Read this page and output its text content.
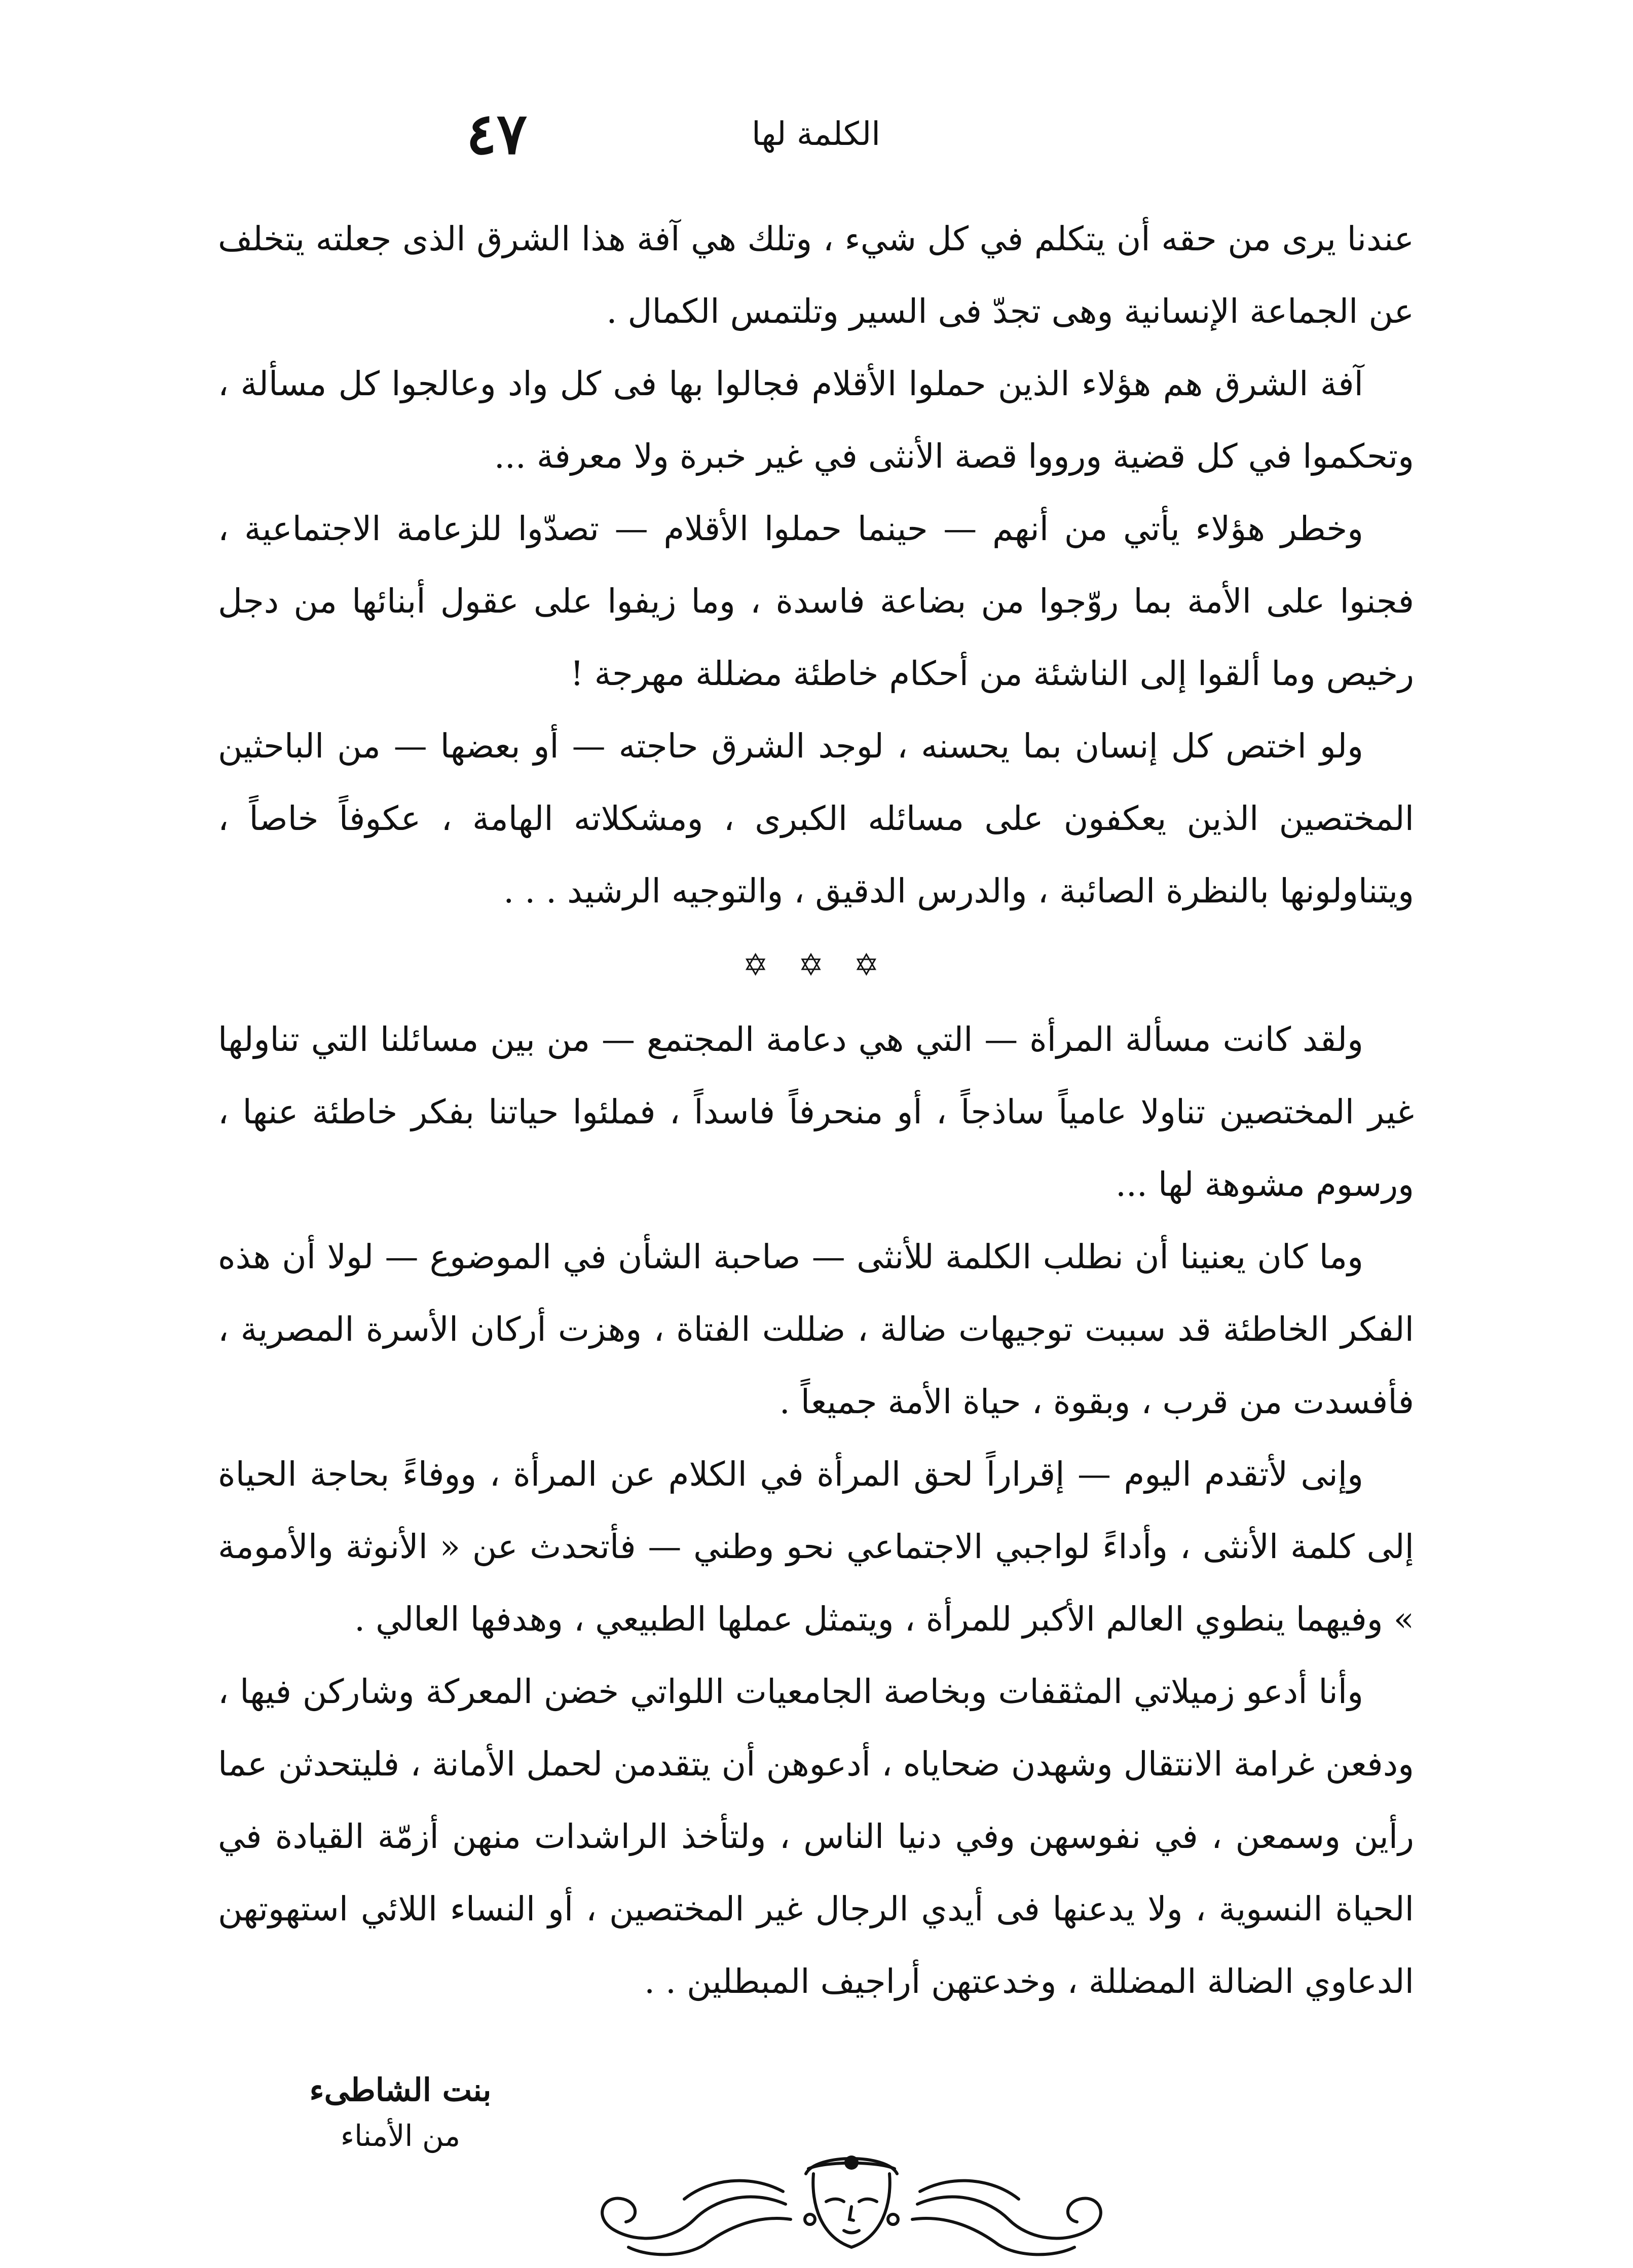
٤٧	الكلمة لها

عندنا يرى من حقه أن يتكلم في كل شيء ، وتلك هي آفة هذا الشرق الذى جعلته يتخلف عن الجماعة الإنسانية وهى تجدّ فى السير وتلتمس الكمال .

آفة الشرق هم هؤلاء الذين حملوا الأقلام فجالوا بها فى كل واد وعالجوا كل مسألة ، وتحكموا في كل قضية ورووا قصة الأنثى في غير خبرة ولا معرفة ...

وخطر هؤلاء يأتي من أنهم — حينما حملوا الأقلام — تصدّوا للزعامة الاجتماعية ، فجنوا على الأمة بما روّجوا من بضاعة فاسدة ، وما زيفوا على عقول أبنائها من دجل رخيص وما ألقوا إلى الناشئة من أحكام خاطئة مضللة مهرجة !

ولو اختص كل إنسان بما يحسنه ، لوجد الشرق حاجته — أو بعضها — من الباحثين المختصين الذين يعكفون على مسائله الكبرى ، ومشكلاته الهامة ، عكوفاً خاصاً ، ويتناولونها بالنظرة الصائبة ، والدرس الدقيق ، والتوجيه الرشيد . . .

✡ ✡ ✡

ولقد كانت مسألة المرأة — التي هي دعامة المجتمع — من بين مسائلنا التي تناولها غير المختصين تناولا عامياً ساذجاً ، أو منحرفاً فاسداً ، فملئوا حياتنا بفكر خاطئة عنها ، ورسوم مشوهة لها ...

وما كان يعنينا أن نطلب الكلمة للأنثى — صاحبة الشأن في الموضوع — لولا أن هذه الفكر الخاطئة قد سببت توجيهات ضالة ، ضللت الفتاة ، وهزت أركان الأسرة المصرية ، فأفسدت من قرب ، وبقوة ، حياة الأمة جميعاً .

وإنى لأتقدم اليوم — إقراراً لحق المرأة في الكلام عن المرأة ، ووفاءً بحاجة الحياة إلى كلمة الأنثى ، وأداءً لواجبي الاجتماعي نحو وطني — فأتحدث عن « الأنوثة والأمومة » وفيهما ينطوي العالم الأكبر للمرأة ، ويتمثل عملها الطبيعي ، وهدفها العالي .

وأنا أدعو زميلاتي المثقفات وبخاصة الجامعيات اللواتي خضن المعركة وشاركن فيها ، ودفعن غرامة الانتقال وشهدن ضحاياه ، أدعوهن أن يتقدمن لحمل الأمانة ، فليتحدثن عما رأين وسمعن ، في نفوسهن وفي دنيا الناس ، ولتأخذ الراشدات منهن أزمّة القيادة في الحياة النسوية ، ولا يدعنها فى أيدي الرجال غير المختصين ، أو النساء اللائي استهوتهن الدعاوي الضالة المضللة ، وخدعتهن أراجيف المبطلين . .

بنت الشاطىء
من الأمناء
